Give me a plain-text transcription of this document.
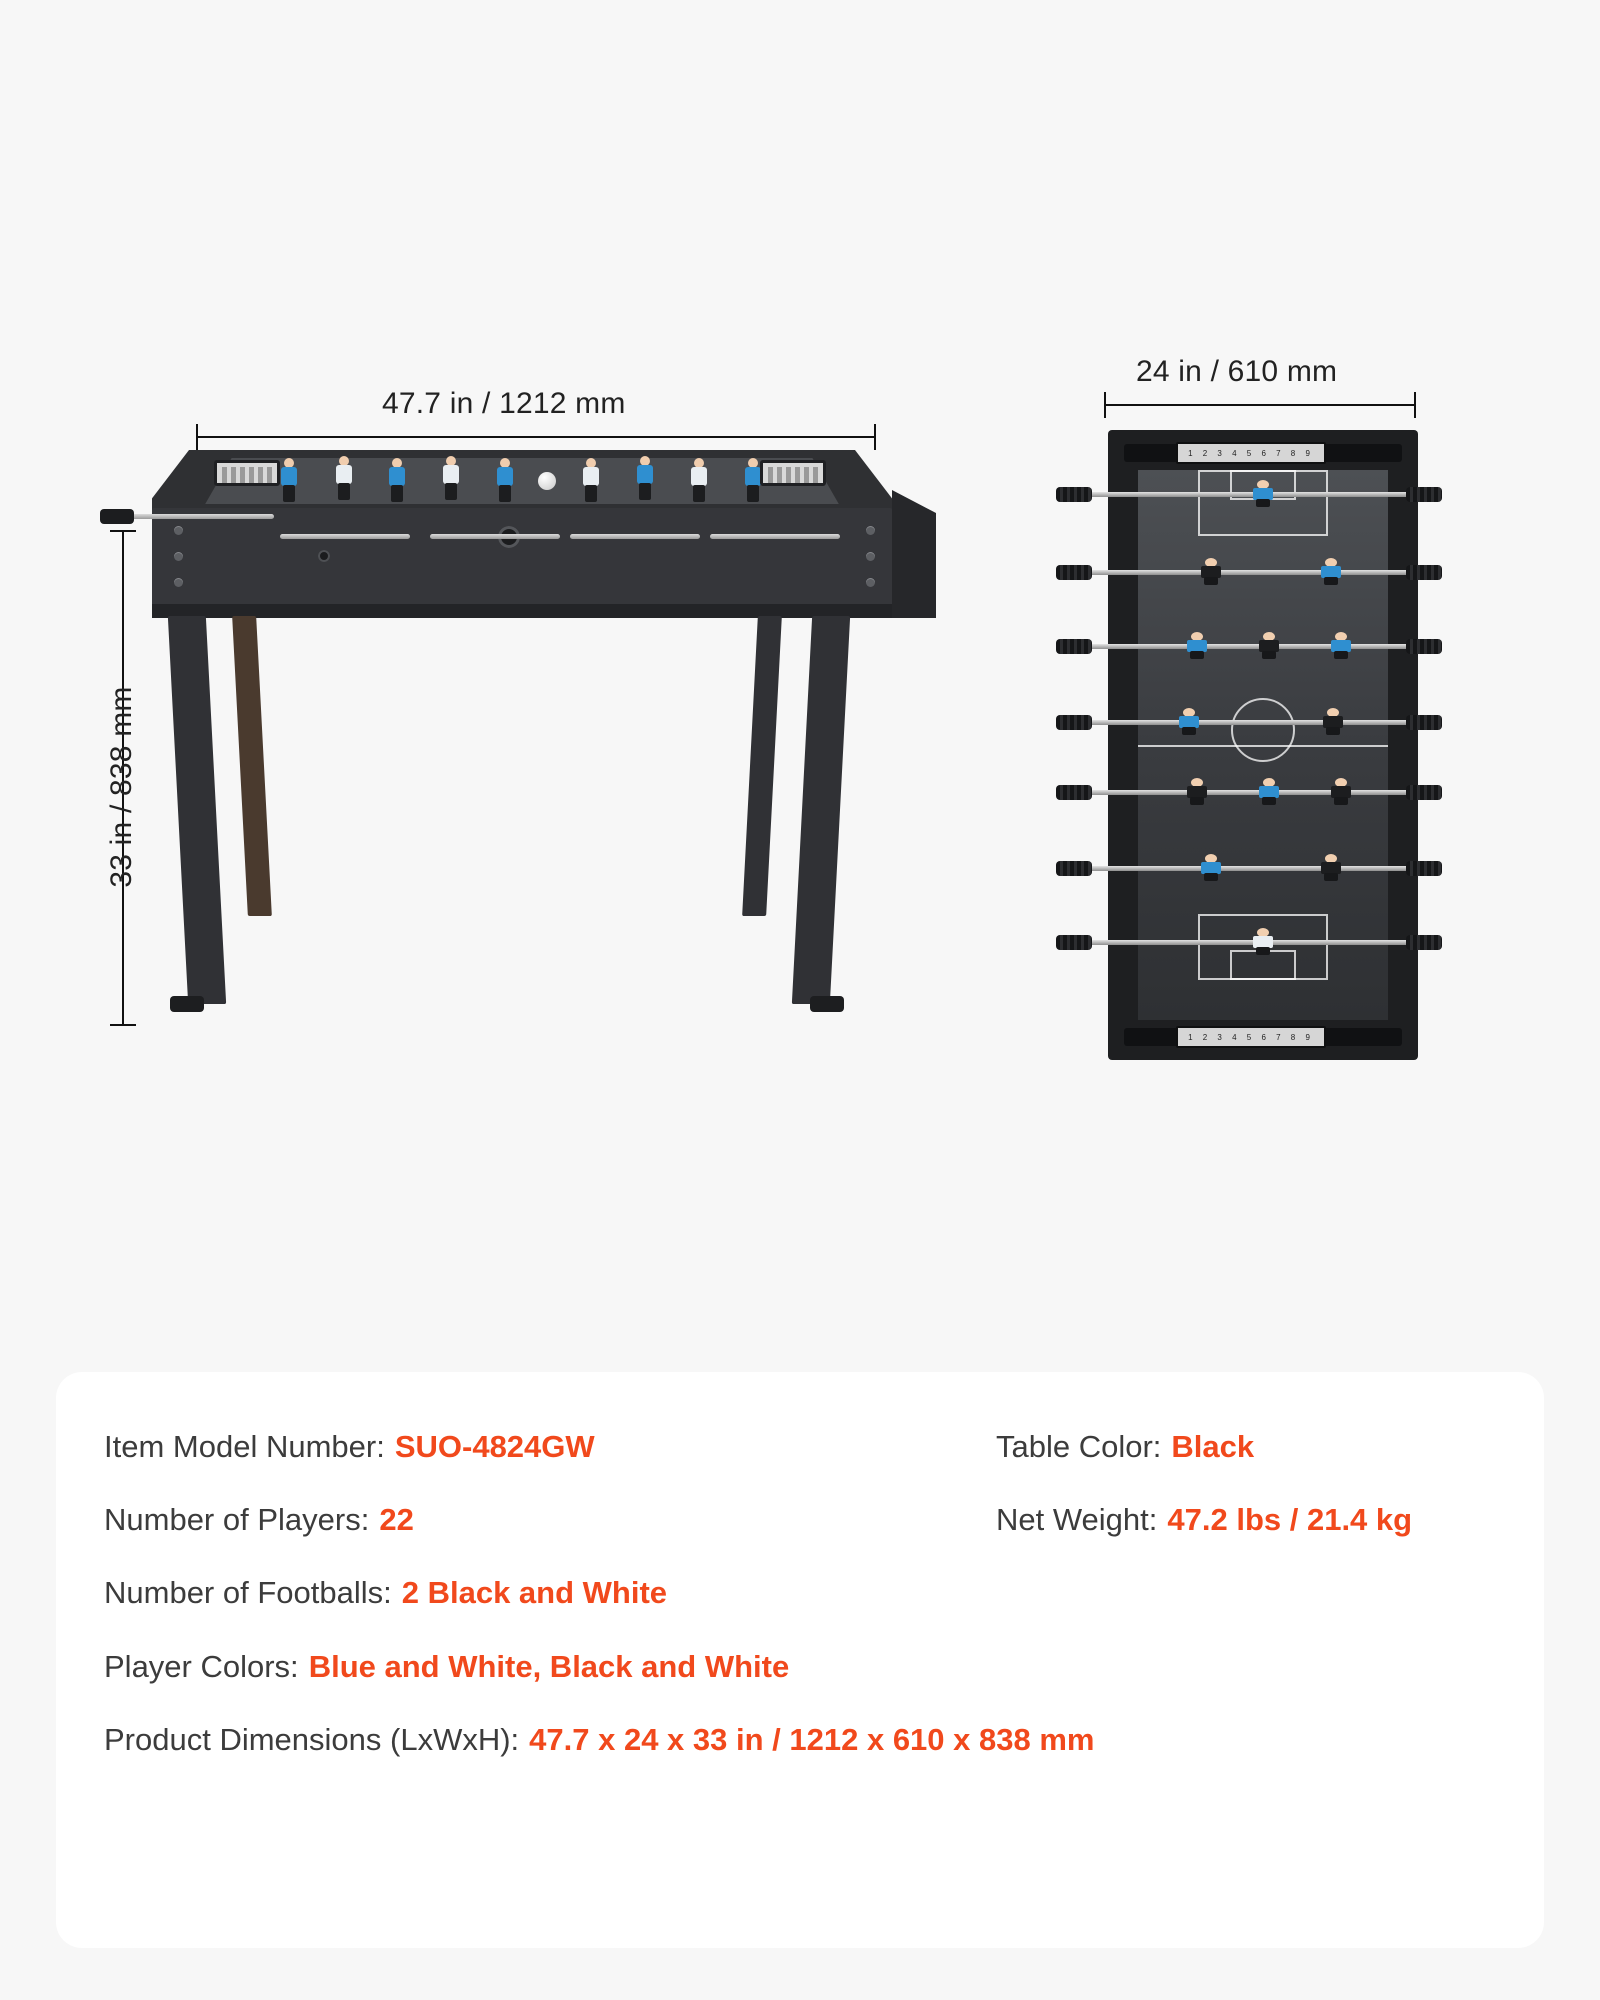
47.7 in / 1212 mm
33 in / 838 mm
24 in / 610 mm
1 2 3 4 5 6 7 8 9
1 2 3 4 5 6 7 8 9
Item Model Number: SUO-4824GW
Number of Players: 22
Number of Footballs: 2 Black and White
Player Colors: Blue and White, Black and White
Product Dimensions (LxWxH): 47.7 x 24 x 33 in / 1212 x 610 x 838 mm
Table Color: Black
Net Weight: 47.2 lbs / 21.4 kg
